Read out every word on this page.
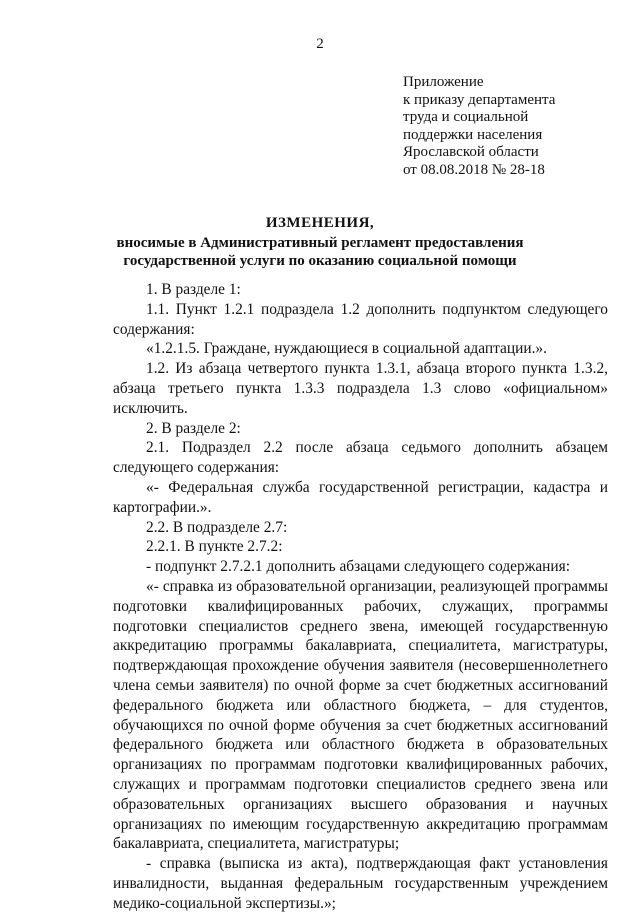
2
Приложение
к приказу департамента
труда и социальной
поддержки населения
Ярославской области
от 08.08.2018 № 28-18
ИЗМЕНЕНИЯ,
вносимые в Административный регламент предоставления
государственной услуги по оказанию социальной помощи

1. В разделе 1:

1.1. Пункт 1.2.1 подраздела 1.2 дополнить подпунктом следующего содержания:

«1.2.1.5. Граждане, нуждающиеся в социальной адаптации.».

1.2. Из абзаца четвертого пункта 1.3.1, абзаца второго пункта 1.3.2, абзаца третьего пункта 1.3.3 подраздела 1.3 слово «официальном» исключить.

2. В разделе 2:

2.1. Подраздел 2.2 после абзаца седьмого дополнить абзацем следующего содержания:

«- Федеральная служба государственной регистрации, кадастра и картографии.».

2.2. В подразделе 2.7:

2.2.1. В пункте 2.7.2:

- подпункт 2.7.2.1 дополнить абзацами следующего содержания:

«- справка из образовательной организации, реализующей программы подготовки квалифицированных рабочих, служащих, программы подготовки специалистов среднего звена, имеющей государственную аккредитацию программы бакалавриата, специалитета, магистратуры, подтверждающая прохождение обучения заявителя (несовершеннолетнего члена семьи заявителя) по очной форме за счет бюджетных ассигнований федерального бюджета или областного бюджета, – для студентов, обучающихся по очной форме обучения за счет бюджетных ассигнований федерального бюджета или областного бюджета в образовательных организациях по программам подготовки квалифицированных рабочих, служащих и программам подготовки специалистов среднего звена или образовательных организациях высшего образования и научных организациях по имеющим государственную аккредитацию программам бакалавриата, специалитета, магистратуры;

- справка (выписка из акта), подтверждающая факт установления инвалидности, выданная федеральным государственным учреждением медико-социальной экспертизы.»;
